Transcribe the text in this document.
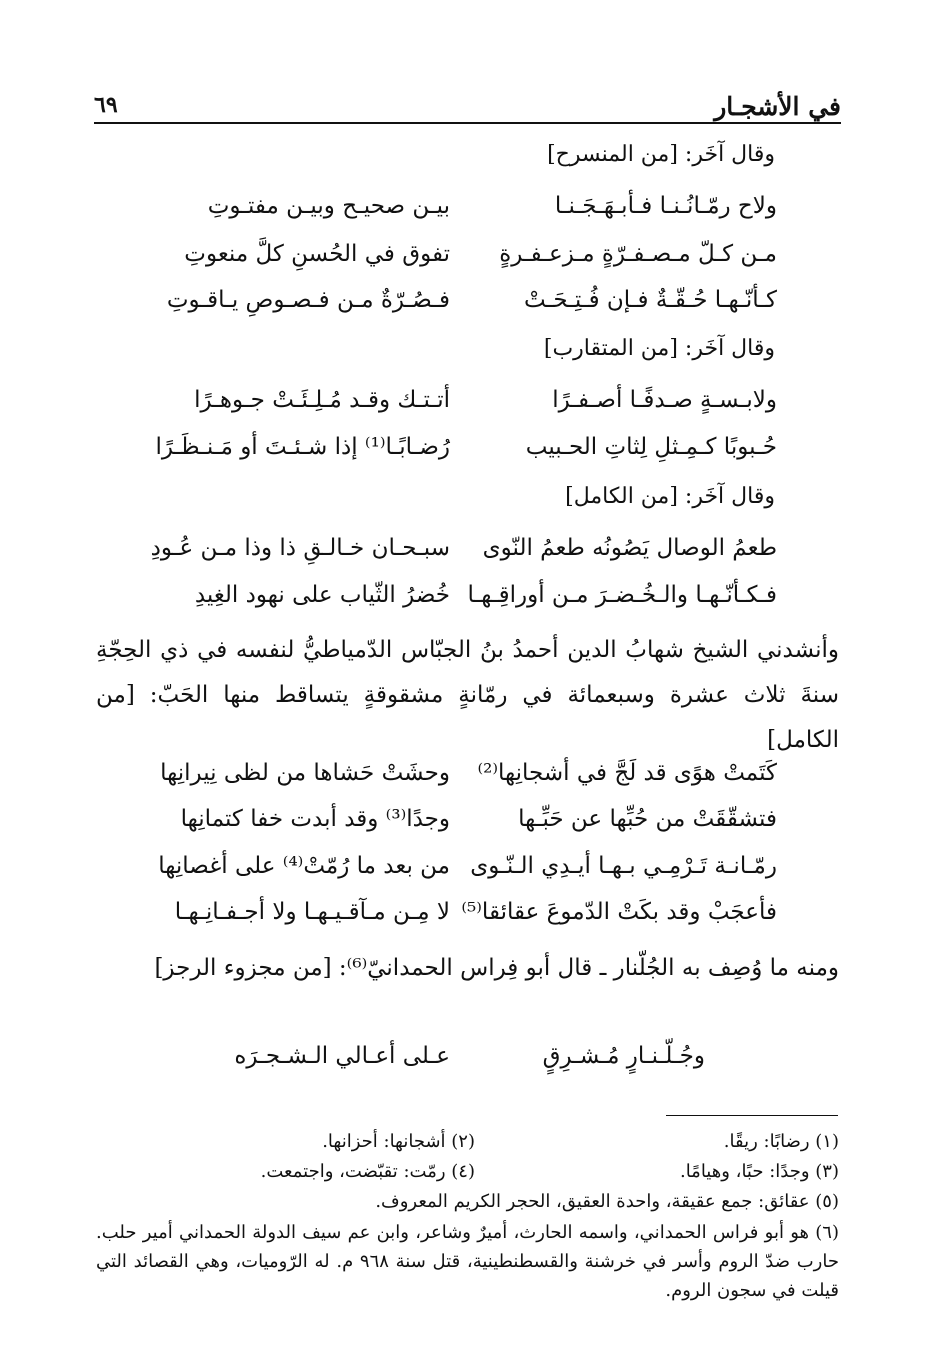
في الأشجـار
٦٩
وقال آخَر: [من المنسرح]
ولاح رمّـانُـنـا فـأبـهَـجَـنـا
بيـن صحيـح وبيـن مفتـوتِ
مـن كـلّ مـصـفـرّةٍ مـزعـفـرةٍ
تفوق في الحُسنِ كلَّ منعوتِ
كـأنّـهـا حُـقّـةٌ فـإن فُـتِـحَـتْ
فـصُـرّةٌ مـن فـصـوصِ يـاقـوتِ
وقال آخَر: [من المتقارب]
ولابـسـةٍ صـدفًـا أصـفـرًا
أتـتـك وقـد مُـلِـئَـتْ جـوهـرًا
حُـبوبًا كـمِـثلِ لِثاتِ الحـبيب
رُضـابًـا⁽¹⁾ إذا شـئـتَ أو مَـنـظَـرًا
وقال آخَر: [من الكامل]
طعمُ الوصال يَصُونُه طعمُ النّوى
سبـحـان خـالـقِ ذا وذا مـن عُـودِ
فـكـأنّـهـا والـخُـضـرَ مـن أوراقِـهـا
خُضرُ الثّياب على نهود الغِيدِ
وأنشدني الشيخ شهابُ الدين أحمدُ بنُ الجبّاس الدّمياطيُّ لنفسه في ذي الحِجّةِ سنةَ ثلاث عشرة وسبعمائة في رمّانةٍ مشقوقةٍ يتساقط منها الحَبّ: [من الكامل]
كَتَمتْ هوًى قد لَجَّ في أشجانِها⁽²⁾
وحشَتْ حَشاها من لظى نِيرانِها
فتشقّقَتْ من حُبِّها عن حَبِّـها
وجدًا⁽³⁾ وقد أبدت خفا كتمانِها
رمّـانـة تَـرْمِـي بـهـا أيـدِي الـنّـوى
من بعد ما رُمّتْ⁽⁴⁾ على أغصانِها
فأعجَبْ وقد بكَتْ الدّموعَ عقائقا⁽⁵⁾
لا مِـن مـآقـيـهـا ولا أجـفـانِـهـا
ومنه ما وُصِف به الجُلّنار ـ قال أبو فِراس الحمدانيّ⁽⁶⁾: [من مجزوء الرجز]
وجُـلّـنـارٍ مُـشـرِقٍ
عـلى أعـالي الـشـجـرَه
(١) رضابًا: ريقًا.
(٢) أشجانها: أحزانها.
(٣) وجدًا: حبًا، وهيامًا.
(٤) رمّت: تقبّضت، واجتمعت.
(٥) عقائق: جمع عقيقة، واحدة العقيق، الحجر الكريم المعروف.
(٦) هو أبو فراس الحمداني، واسمه الحارث، أميرٌ وشاعر، وابن عم سيف الدولة الحمداني أمير حلب. حارب ضدّ الروم وأسر في خرشنة والقسطنطينية، قتل سنة ٩٦٨ م. له الرّوميات، وهي القصائد التي قيلت في سجون الروم.
